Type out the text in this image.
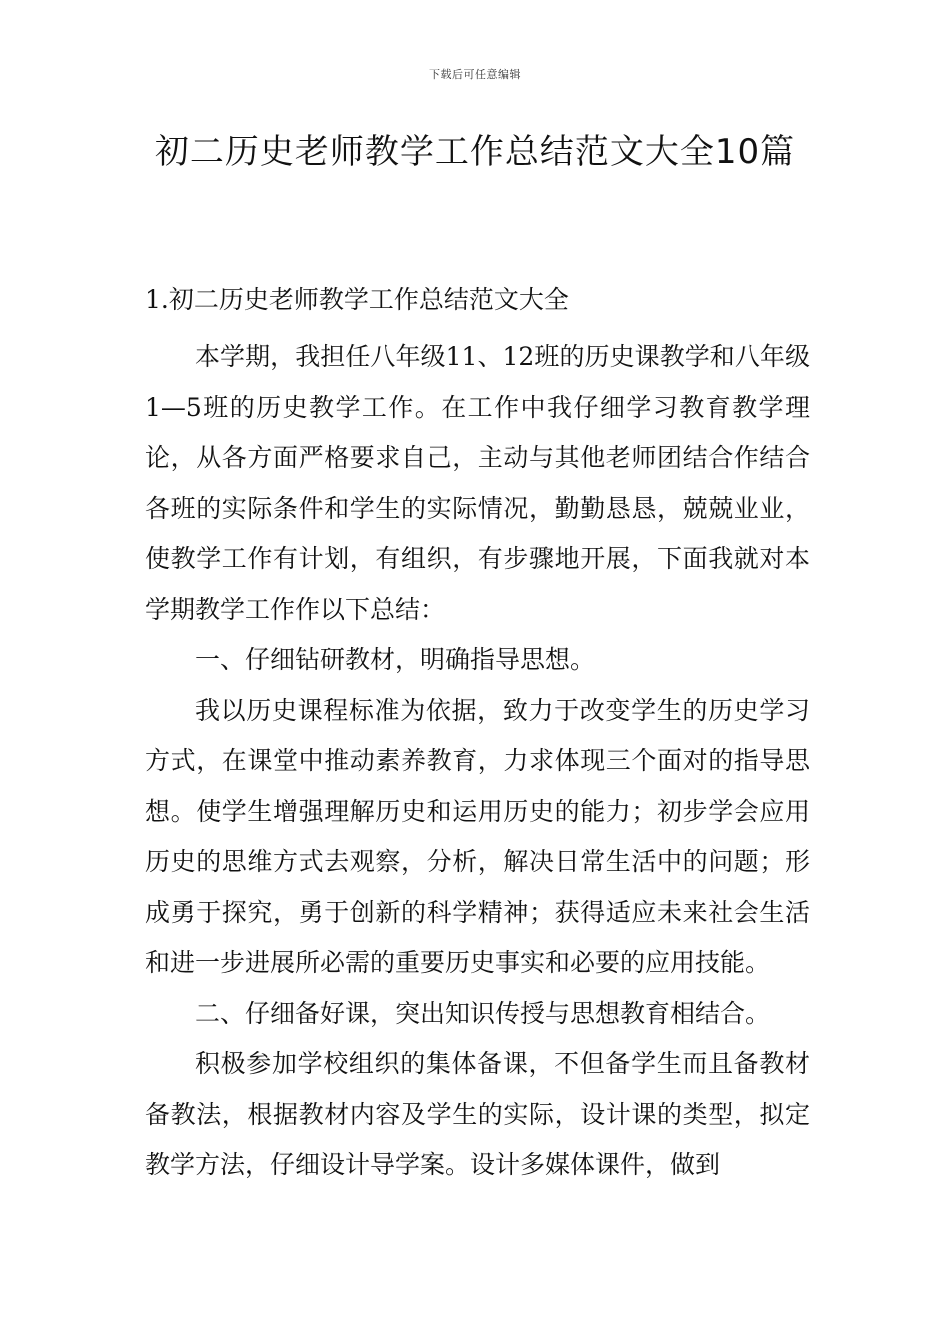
下载后可任意编辑
初二历史老师教学工作总结范文大全10篇
1.初二历史老师教学工作总结范文大全

本学期，我担任八年级11、12班的历史课教学和八年级1—5班的历史教学工作。在工作中我仔细学习教育教学理论，从各方面严格要求自己，主动与其他老师团结合作结合各班的实际条件和学生的实际情况，勤勤恳恳，兢兢业业，使教学工作有计划，有组织，有步骤地开展，下面我就对本学期教学工作作以下总结：

一、仔细钻研教材，明确指导思想。

我以历史课程标准为依据，致力于改变学生的历史学习方式，在课堂中推动素养教育，力求体现三个面对的指导思想。使学生增强理解历史和运用历史的能力；初步学会应用历史的思维方式去观察，分析，解决日常生活中的问题；形成勇于探究，勇于创新的科学精神；获得适应未来社会生活和进一步进展所必需的重要历史事实和必要的应用技能。

二、仔细备好课，突出知识传授与思想教育相结合。

积极参加学校组织的集体备课，不但备学生而且备教材备教法，根据教材内容及学生的实际，设计课的类型，拟定教学方法，仔细设计导学案。设计多媒体课件，做到
